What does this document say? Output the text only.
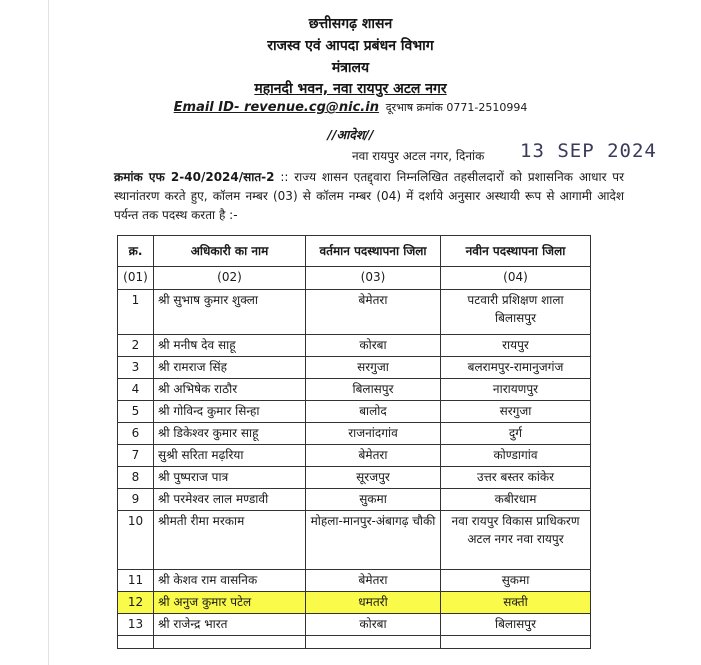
छत्तीसगढ़ शासन
राजस्व एवं आपदा प्रबंधन विभाग
मंत्रालय
महानदी भवन, नवा रायपुर अटल नगर
Email ID- revenue.cg@nic.in दूरभाष क्रमांक 0771-2510994
//आदेश//
नवा रायपुर अटल नगर, दिनांक 13 SEP 2024
क्रमांक एफ 2-40/2024/सात-2 :: राज्य शासन एतद्द्वारा निम्नलिखित तहसीलदारों को प्रशासनिक आधार पर स्थानांतरण करते हुए, कॉलम नम्बर (03) से कॉलम नम्बर (04) में दर्शाये अनुसार अस्थायी रूप से आगामी आदेश पर्यन्त तक पदस्थ करता है :-
क्र.	अधिकारी का नाम	वर्तमान पदस्थापना जिला	नवीन पदस्थापना जिला
(01)	(02)	(03)	(04)
1	श्री सुभाष कुमार शुक्ला	बेमेतरा	पटवारी प्रशिक्षण शाला बिलासपुर
2	श्री मनीष देव साहू	कोरबा	रायपुर
3	श्री रामराज सिंह	सरगुजा	बलरामपुर-रामानुजगंज
4	श्री अभिषेक राठौर	बिलासपुर	नारायणपुर
5	श्री गोविन्द कुमार सिन्हा	बालोद	सरगुजा
6	श्री डिकेश्वर कुमार साहू	राजनांदगांव	दुर्ग
7	सुश्री सरिता मढ़रिया	बेमेतरा	कोण्डागांव
8	श्री पुष्पराज पात्र	सूरजपुर	उत्तर बस्तर कांकेर
9	श्री परमेश्वर लाल मण्डावी	सुकमा	कबीरधाम
10	श्रीमती रीमा मरकाम	मोहला-मानपुर-अंबागढ़ चौकी	नवा रायपुर विकास प्राधिकरण अटल नगर नवा रायपुर
11	श्री केशव राम वासनिक	बेमेतरा	सुकमा
12	श्री अनुज कुमार पटेल	धमतरी	सक्ती
13	श्री राजेन्द्र भारत	कोरबा	बिलासपुर
